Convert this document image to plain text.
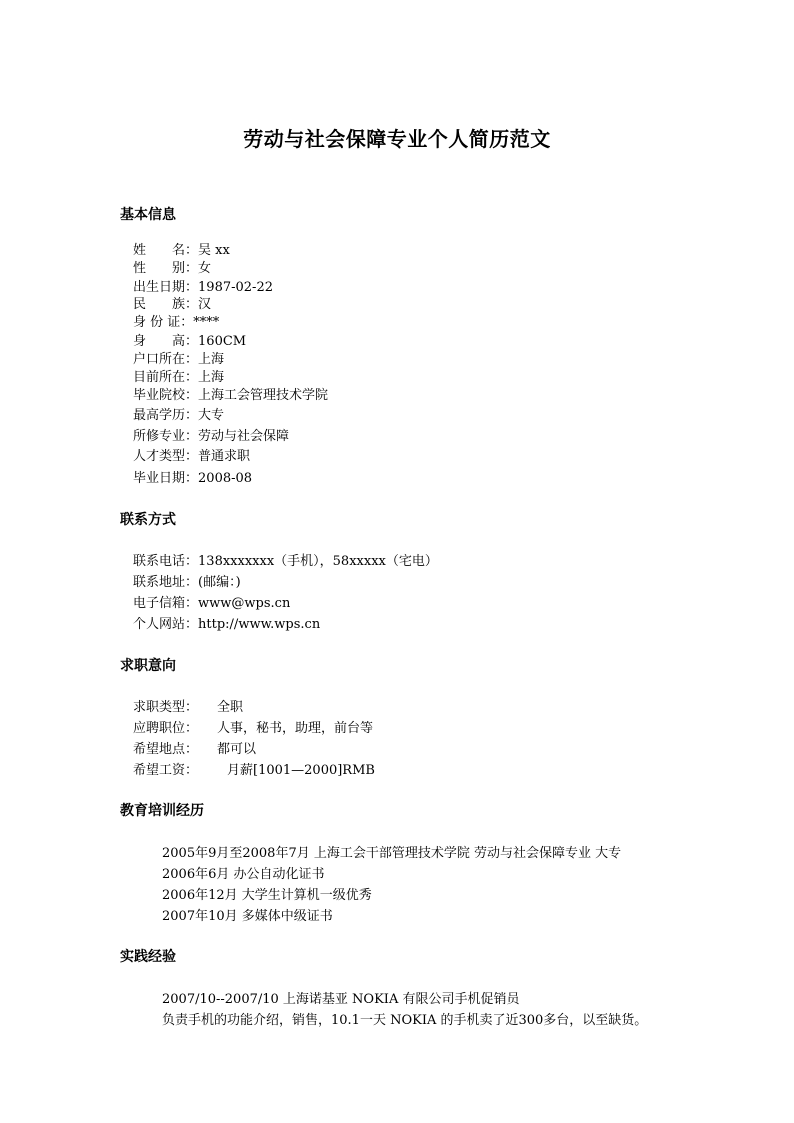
劳动与社会保障专业个人简历范文
基本信息
姓　　名：吴 xx
性　　别：女
出生日期：1987-02-22
民　　族：汉
身 份 证：****
身　　高：160CM
户口所在：上海
目前所在：上海
毕业院校：上海工会管理技术学院
最高学历：大专
所修专业：劳动与社会保障
人才类型：普通求职
毕业日期：2008-08
联系方式
联系电话：138xxxxxxx（手机），58xxxxx（宅电）
联系地址：(邮编：)
电子信箱：www@wps.cn
个人网站：http://www.wps.cn
求职意向
求职类型： 全职
应聘职位： 人事，秘书，助理，前台等
希望地点： 都可以
希望工资： 月薪[1001—2000]RMB
教育培训经历
2005年9月至2008年7月 上海工会干部管理技术学院 劳动与社会保障专业 大专
2006年6月 办公自动化证书
2006年12月 大学生计算机一级优秀
2007年10月 多媒体中级证书
实践经验
2007/10--2007/10 上海诺基亚 NOKIA 有限公司手机促销员
负责手机的功能介绍，销售，10.1一天 NOKIA 的手机卖了近300多台，以至缺货。
